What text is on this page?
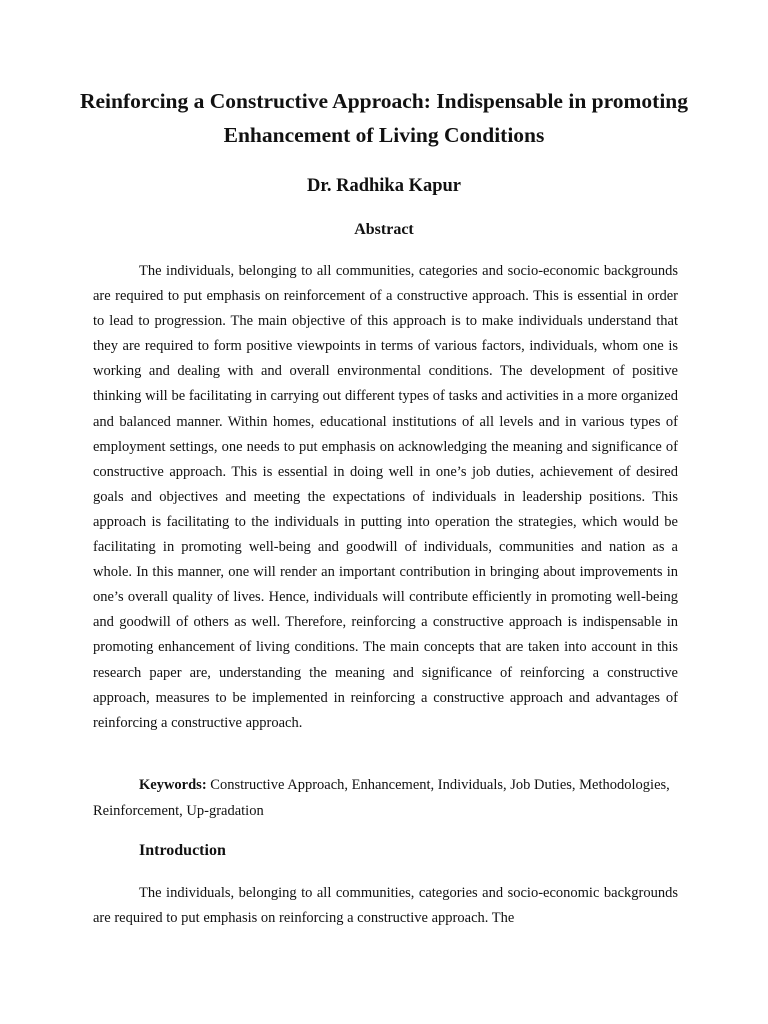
Reinforcing a Constructive Approach: Indispensable in promoting Enhancement of Living Conditions
Dr. Radhika Kapur
Abstract

The individuals, belonging to all communities, categories and socio-economic backgrounds are required to put emphasis on reinforcement of a constructive approach. This is essential in order to lead to progression. The main objective of this approach is to make individuals understand that they are required to form positive viewpoints in terms of various factors, individuals, whom one is working and dealing with and overall environmental conditions. The development of positive thinking will be facilitating in carrying out different types of tasks and activities in a more organized and balanced manner. Within homes, educational institutions of all levels and in various types of employment settings, one needs to put emphasis on acknowledging the meaning and significance of constructive approach. This is essential in doing well in one’s job duties, achievement of desired goals and objectives and meeting the expectations of individuals in leadership positions. This approach is facilitating to the individuals in putting into operation the strategies, which would be facilitating in promoting well-being and goodwill of individuals, communities and nation as a whole. In this manner, one will render an important contribution in bringing about improvements in one’s overall quality of lives. Hence, individuals will contribute efficiently in promoting well-being and goodwill of others as well. Therefore, reinforcing a constructive approach is indispensable in promoting enhancement of living conditions. The main concepts that are taken into account in this research paper are, understanding the meaning and significance of reinforcing a constructive approach, measures to be implemented in reinforcing a constructive approach and advantages of reinforcing a constructive approach.

Keywords: Constructive Approach, Enhancement, Individuals, Job Duties, Methodologies, Reinforcement, Up-gradation

Introduction

The individuals, belonging to all communities, categories and socio-economic backgrounds are required to put emphasis on reinforcing a constructive approach. The
